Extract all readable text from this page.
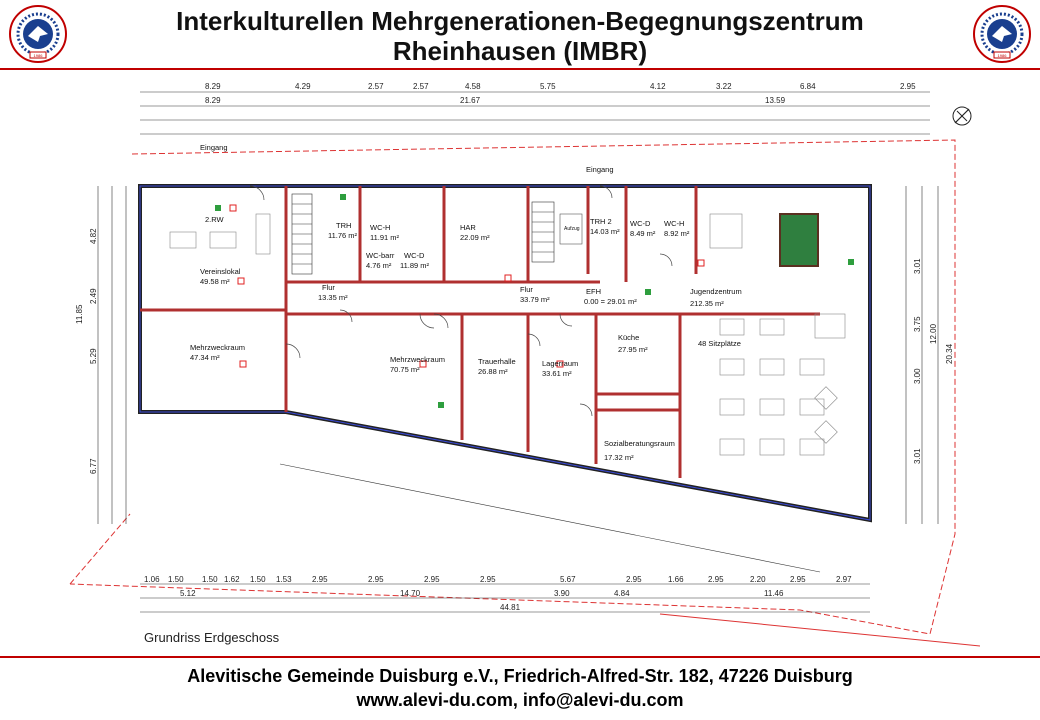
1986	1986
Interkulturellen Mehrgenerationen-Begegnungszentrum
Rheinhausen (IMBR)
8.29	4.29	2.57	2.57	4.58	5.75	4.12	3.22	6.84	2.95
8.29	21.67	13.59
2.RW
Eingang
Eingang
Vereinslokal
49.58 m²
Mehrzweckraum
47.34 m²
Flur
13.35 m²
TRH
11.76 m²
WC-H
11.91 m²
WC-barr
4.76 m²
WC-D
11.89 m²
HAR
22.09 m²
Mehrzweckraum
70.75 m²
Trauerhalle
26.88 m²
Flur
33.79 m²
Lagerraum
33.61 m²
TRH 2
14.03 m²
EFH
0.00 = 29.01 m²
WC-D
8.49 m²
WC-H
8.92 m²
Küche
27.95 m²
Sozialberatungsraum
17.32 m²
Jugendzentrum
212.35 m²
48 Sitzplätze
Aufzug
4.82
2.49
5.29
6.77
11.85
3.01
3.75
3.00
3.01
20.34
12.00
1.06 1.50 1.50 1.62 1.50 1.53	2.95	2.95	2.95	2.95	5.67	2.95	1.66	2.95	2.20	2.95	2.97
5.12	14.70	3.90	4.84	11.46
44.81
Grundriss Erdgeschoss
Alevitische Gemeinde Duisburg e.V., Friedrich-Alfred-Str. 182, 47226 Duisburg
www.alevi-du.com, info@alevi-du.com
